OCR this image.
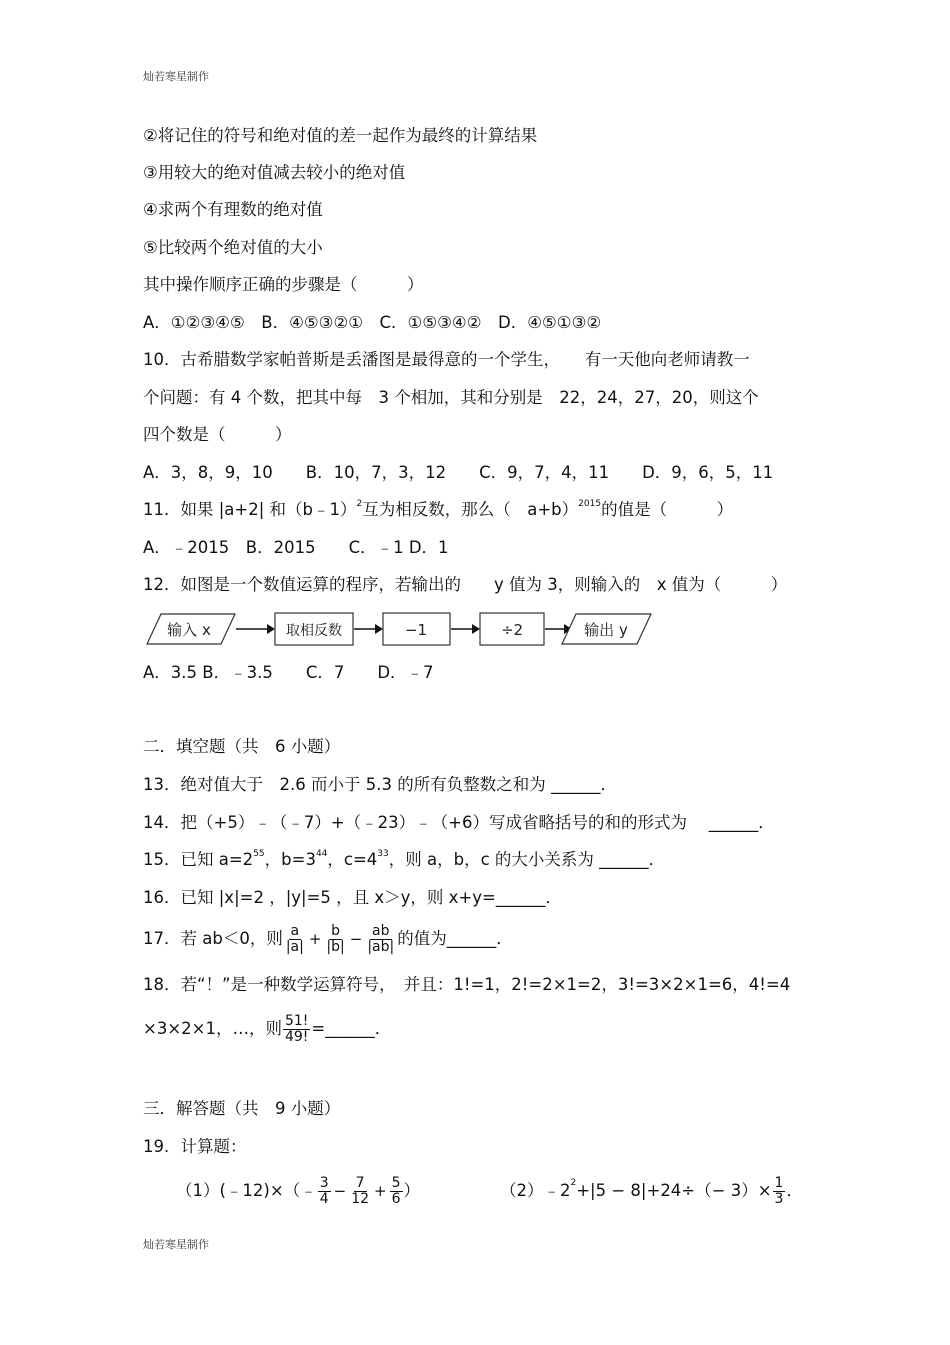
灿若寒星制作
②将记住的符号和绝对值的差一起作为最终的计算结果
③用较大的绝对值减去较小的绝对值
④求两个有理数的绝对值
⑤比较两个绝对值的大小
其中操作顺序正确的步骤是（　　　）
A．①②③④⑤　B．④⑤③②①　C．①⑤③④②　D．④⑤①③②
10．古希腊数学家帕普斯是丢潘图是最得意的一个学生，　　有一天他向老师请教一
个问题：有 4 个数，把其中每　3 个相加，其和分别是　22，24，27，20，则这个
四个数是（　　　）
A．3，8，9，10　　B．10，7，3，12　　C．9，7，4，11　　D．9，6，5，11
11．如果 |a+2| 和（b﹣1）$^2$互为相反数，那么（　a+b）$^{2015}$的值是（　　　）
A．﹣2015　B．2015　　C．﹣1 D．1
12．如图是一个数值运算的程序，若输出的　　y 值为 3，则输入的　x 值为（　　　）
输入 x	取相反数	−1	÷2	输出 y
A．3.5 B．﹣3.5　　C．7　　D．﹣7
二．填空题（共　6 小题）
13．绝对值大于　2.6 而小于 5.3 的所有负整数之和为 ______．
14．把（+5）﹣（﹣7）+（﹣23）﹣（+6）写成省略括号的和的形式为　 ______．
15．已知 $a=2^{55}$，$b=3^{44}$，$c=4^{33}$，则 a，b，c 的大小关系为 ______．
16．已知 |x|=2 ，|y|=5 ，且 x＞y，则 x+y=______．
17．若 ab＜0，则 $\frac{a}{|a|} + \frac{b}{|b|} - \frac{ab}{|ab|}$ 的值为______．
18．若“！”是一种数学运算符号，　并且：1!=1，2!=2×1=2，3!=3×2×1=6，4!=4
×3×2×1，…，则 $\frac{51!}{49!}$ =______．
三．解答题（共　9 小题）
19．计算题：
（1）(﹣12)×（﹣ $\frac{3}{4} - \frac{7}{12} + \frac{5}{6}$ ）	（2）﹣2 $2 +|5 - 8|+24\div(- 3)\times \frac{1}{3}$ ．
灿若寒星制作
